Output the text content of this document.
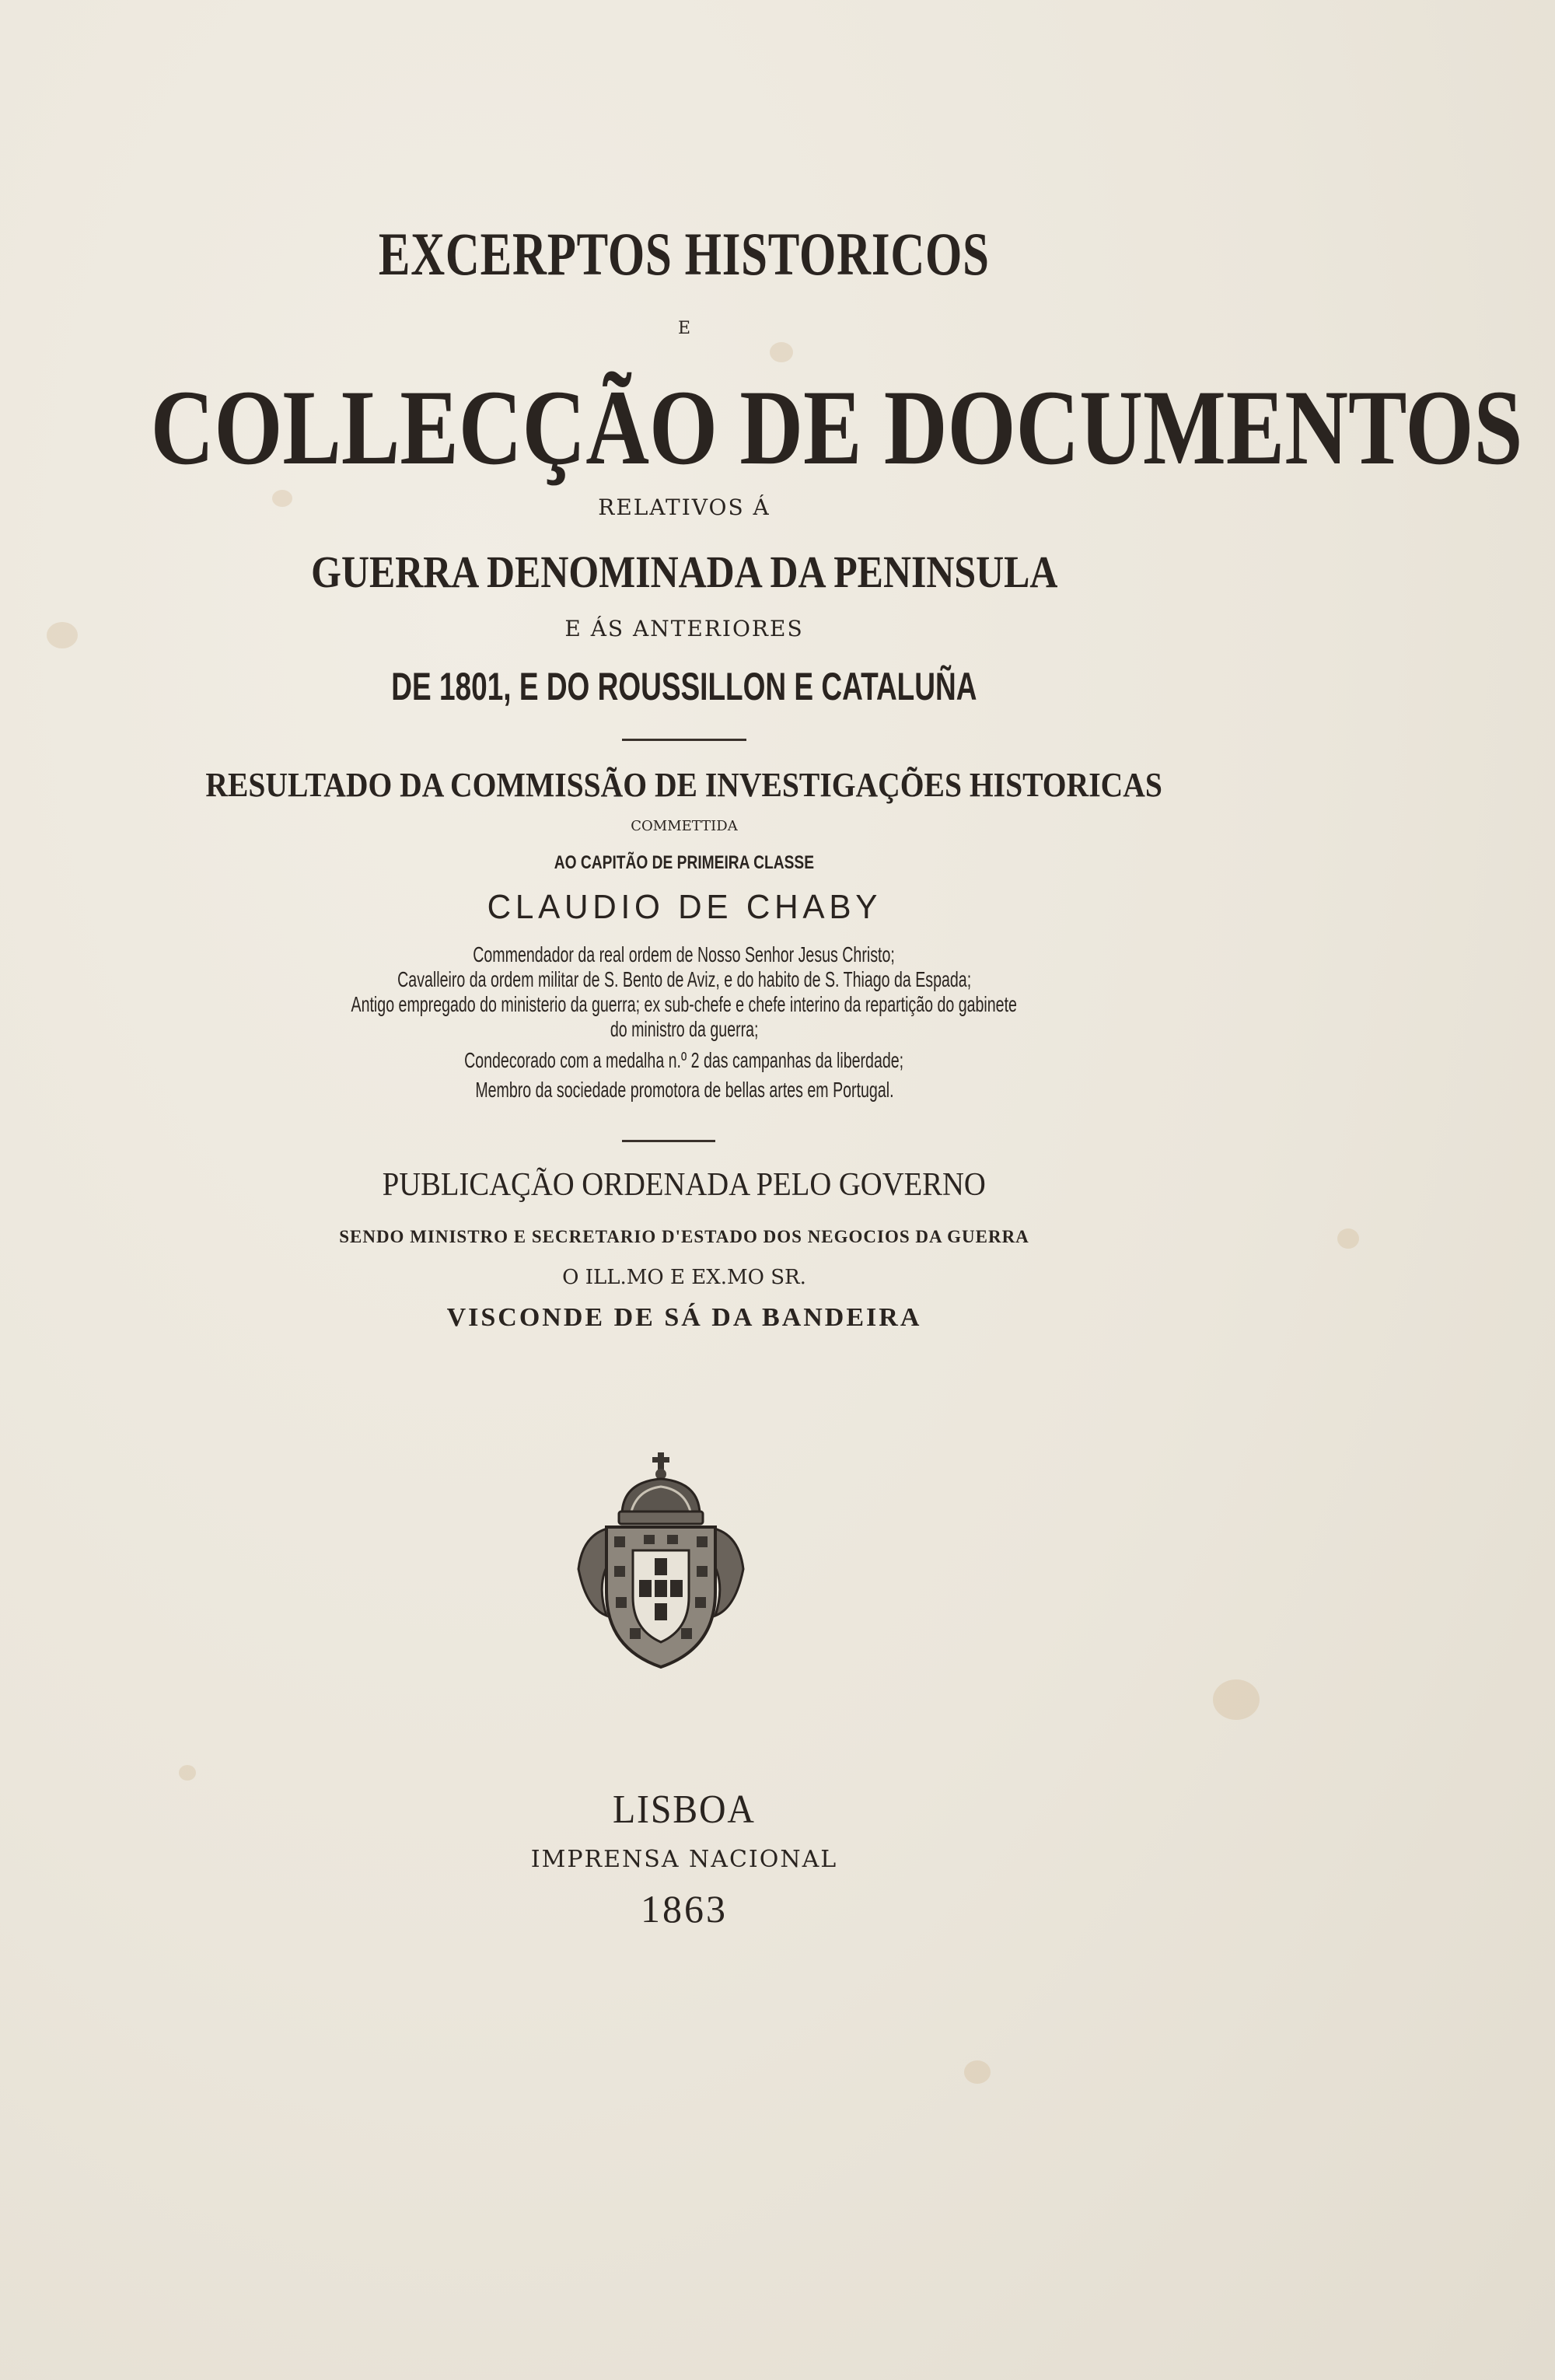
EXCERPTOS HISTORICOS
E
COLLECÇÃO DE DOCUMENTOS
RELATIVOS Á
GUERRA DENOMINADA DA PENINSULA
E ÁS ANTERIORES
DE 1801, E DO ROUSSILLON E CATALUÑA
RESULTADO DA COMMISSÃO DE INVESTIGAÇÕES HISTORICAS
COMMETTIDA
AO CAPITÃO DE PRIMEIRA CLASSE
CLAUDIO DE CHABY
Commendador da real ordem de Nosso Senhor Jesus Christo;
Cavalleiro da ordem militar de S. Bento de Aviz, e do habito de S. Thiago da Espada;
Antigo empregado do ministerio da guerra; ex sub-chefe e chefe interino da repartição do gabinete
do ministro da guerra;
Condecorado com a medalha n.º 2 das campanhas da liberdade;
Membro da sociedade promotora de bellas artes em Portugal.
PUBLICAÇÃO ORDENADA PELO GOVERNO
SENDO MINISTRO E SECRETARIO D'ESTADO DOS NEGOCIOS DA GUERRA
O ILL.MO E EX.MO SR.
VISCONDE DE SÁ DA BANDEIRA
LISBOA
IMPRENSA NACIONAL
1863
